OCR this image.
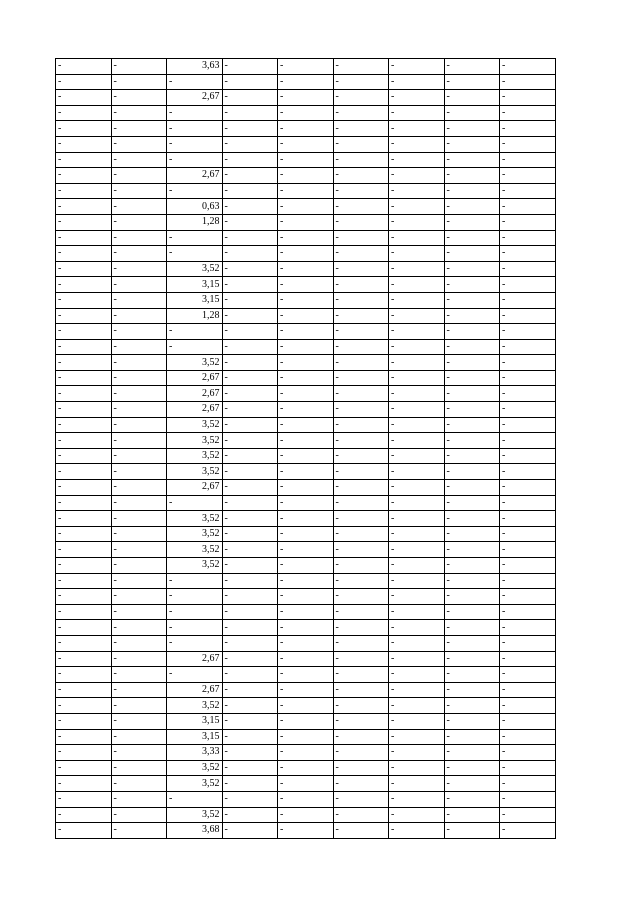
-	-	3,63	-	-	-	-	-	-
-	-	-	-	-	-	-	-	-
-	-	2,67	-	-	-	-	-	-
-	-	-	-	-	-	-	-	-
-	-	-	-	-	-	-	-	-
-	-	-	-	-	-	-	-	-
-	-	-	-	-	-	-	-	-
-	-	2,67	-	-	-	-	-	-
-	-	-	-	-	-	-	-	-
-	-	0,63	-	-	-	-	-	-
-	-	1,28	-	-	-	-	-	-
-	-	-	-	-	-	-	-	-
-	-	-	-	-	-	-	-	-
-	-	3,52	-	-	-	-	-	-
-	-	3,15	-	-	-	-	-	-
-	-	3,15	-	-	-	-	-	-
-	-	1,28	-	-	-	-	-	-
-	-	-	-	-	-	-	-	-
-	-	-	-	-	-	-	-	-
-	-	3,52	-	-	-	-	-	-
-	-	2,67	-	-	-	-	-	-
-	-	2,67	-	-	-	-	-	-
-	-	2,67	-	-	-	-	-	-
-	-	3,52	-	-	-	-	-	-
-	-	3,52	-	-	-	-	-	-
-	-	3,52	-	-	-	-	-	-
-	-	3,52	-	-	-	-	-	-
-	-	2,67	-	-	-	-	-	-
-	-	-	-	-	-	-	-	-
-	-	3,52	-	-	-	-	-	-
-	-	3,52	-	-	-	-	-	-
-	-	3,52	-	-	-	-	-	-
-	-	3,52	-	-	-	-	-	-
-	-	-	-	-	-	-	-	-
-	-	-	-	-	-	-	-	-
-	-	-	-	-	-	-	-	-
-	-	-	-	-	-	-	-	-
-	-	-	-	-	-	-	-	-
-	-	2,67	-	-	-	-	-	-
-	-	-	-	-	-	-	-	-
-	-	2,67	-	-	-	-	-	-
-	-	3,52	-	-	-	-	-	-
-	-	3,15	-	-	-	-	-	-
-	-	3,15	-	-	-	-	-	-
-	-	3,33	-	-	-	-	-	-
-	-	3,52	-	-	-	-	-	-
-	-	3,52	-	-	-	-	-	-
-	-	-	-	-	-	-	-	-
-	-	3,52	-	-	-	-	-	-
-	-	3,68	-	-	-	-	-	-
